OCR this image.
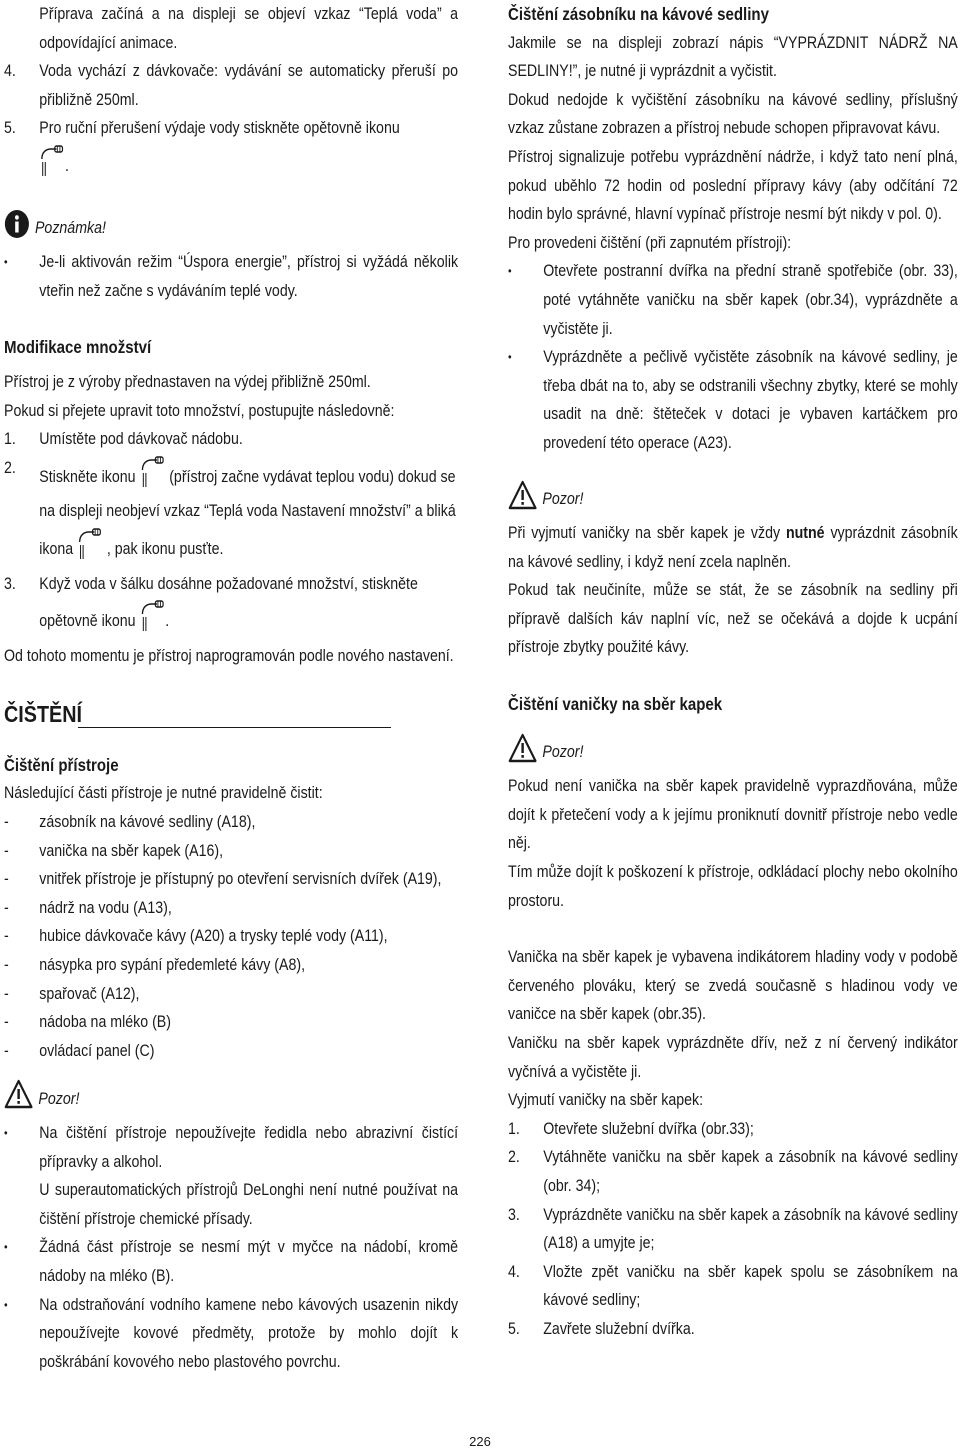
Příprava začíná a na displeji se objeví vzkaz “Teplá voda” a odpovídající animace.
4.	Voda vychází z dávkovače: vydávání se automaticky přeruší po přibližně 250ml.
5.	Pro ruční přerušení výdaje vody stiskněte opětovně ikonu
.
Poznámka!
•	Je-li aktivován režim “Úspora energie”, přístroj si vyžádá několik vteřin než začne s vydáváním teplé vody.
Modifikace množství
Přístroj je z výroby přednastaven na výdej přibližně 250ml.
Pokud si přejete upravit toto množství, postupujte následovně:
1.	Umístěte pod dávkovač nádobu.
2.	Stiskněte ikonu (přístroj začne vydávat teplou vodu) dokud se na displeji neobjeví vzkaz “Teplá voda Nastavení množství” a bliká ikona , pak ikonu pusťte.
3.	Když voda v šálku dosáhne požadované množství, stiskněte opětovně ikonu .
Od tohoto momentu je přístroj naprogramován podle nového nastavení.
ČIŠTĚNÍ
Čištění přístroje
Následující části přístroje je nutné pravidelně čistit:
-	zásobník na kávové sedliny (A18),
-	vanička na sběr kapek (A16),
-	vnitřek přístroje je přístupný po otevření servisních dvířek (A19),
-	nádrž na vodu (A13),
-	hubice dávkovače kávy (A20) a trysky teplé vody (A11),
-	násypka pro sypání předemleté kávy (A8),
-	spařovač (A12),
-	nádoba na mléko (B)
-	ovládací panel (C)
Pozor!
•	Na čištění přístroje nepoužívejte ředidla nebo abrazivní čistící přípravky a alkohol.
U superautomatických přístrojů DeLonghi není nutné používat na čištění přístroje chemické přísady.
•	Žádná část přístroje se nesmí mýt v myčce na nádobí, kromě nádoby na mléko (B).
•	Na odstraňování vodního kamene nebo kávových usazenin nikdy nepoužívejte kovové předměty, protože by mohlo dojít k poškrábání kovového nebo plastového povrchu.
Čištění zásobníku na kávové sedliny
Jakmile se na displeji zobrazí nápis “VYPRÁZDNIT NÁDRŽ NA SEDLINY!”, je nutné ji vyprázdnit a vyčistit.
Dokud nedojde k vyčištění zásobníku na kávové sedliny, příslušný vzkaz zůstane zobrazen a přístroj nebude schopen připravovat kávu.
Přístroj signalizuje potřebu vyprázdnění nádrže, i když tato není plná, pokud uběhlo 72 hodin od poslední přípravy kávy (aby odčítání 72 hodin bylo správné, hlavní vypínač přístroje nesmí být nikdy v pol. 0).
Pro provedeni čištění (při zapnutém přístroji):
•	Otevřete postranní dvířka na přední straně spotřebiče (obr. 33), poté vytáhněte vaničku na sběr kapek (obr.34), vyprázdněte a vyčistěte ji.
•	Vyprázdněte a pečlivě vyčistěte zásobník na kávové sedliny, je třeba dbát na to, aby se odstranili všechny zbytky, které se mohly usadit na dně: štěteček v dotaci je vybaven kartáčkem pro provedení této operace (A23).
Pozor!
Při vyjmutí vaničky na sběr kapek je vždy nutné vyprázdnit zásobník na kávové sedliny, i když není zcela naplněn.
Pokud tak neučiníte, může se stát, že se zásobník na sedliny při přípravě dalších káv naplní víc, než se očekává a dojde k ucpání přístroje zbytky použité kávy.
Čištění vaničky na sběr kapek
Pozor!
Pokud není vanička na sběr kapek pravidelně vyprazdňována, může dojít k přetečení vody a k jejímu proniknutí dovnitř přístroje nebo vedle něj.
Tím může dojít k poškození k přístroje, odkládací plochy nebo okolního prostoru.
Vanička na sběr kapek je vybavena indikátorem hladiny vody v podobě červeného plováku, který se zvedá současně s hladinou vody ve vaničce na sběr kapek (obr.35).
Vaničku na sběr kapek vyprázdněte dřív, než z ní červený indikátor vyčnívá a vyčistěte ji.
Vyjmutí vaničky na sběr kapek:
1.	Otevřete služební dvířka (obr.33);
2.	Vytáhněte vaničku na sběr kapek a zásobník na kávové sedliny (obr. 34);
3.	Vyprázdněte vaničku na sběr kapek a zásobník na kávové sedliny (A18) a umyjte je;
4.	Vložte zpět vaničku na sběr kapek spolu se zásobníkem na kávové sedliny;
5.	Zavřete služební dvířka.
226
